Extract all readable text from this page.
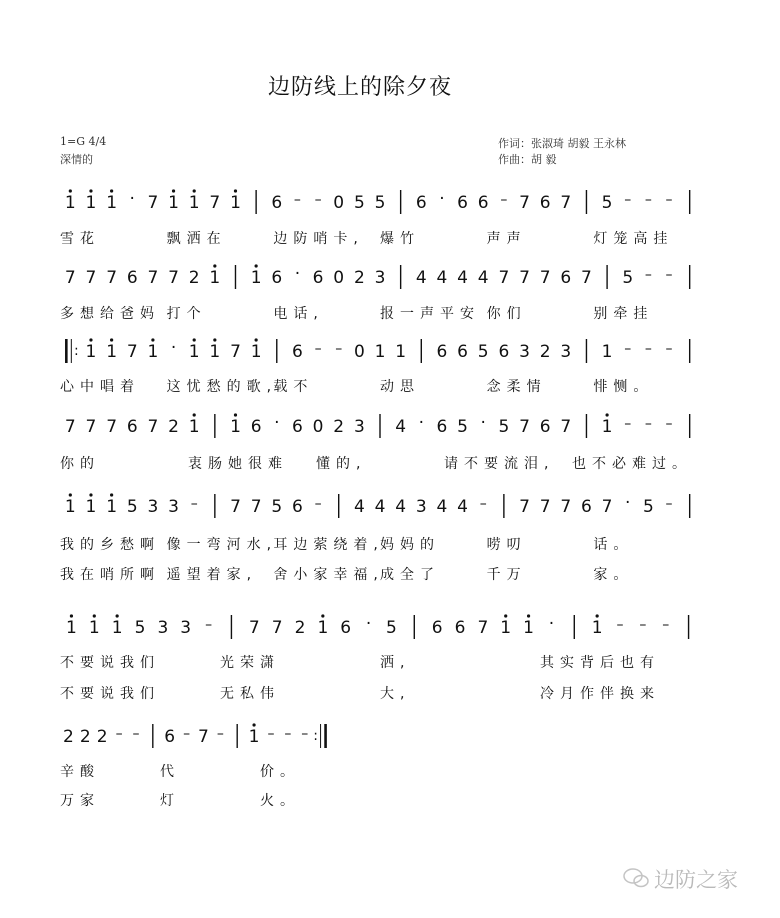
边防线上的除夕夜
1=G 4/4
深情的
作词：张淑琦 胡毅 王永林
作曲：胡 毅
1 1 1 · 7 1 1 7 1 6 – – 0 5 5 6 · 6 6 – 7 6 7 5 – – –
雪花	飘洒在	边防哨卡, 爆竹	声声	灯笼高挂
7 7 7 6 7 7 2 1 1 6 · 6 0 2 3 4 4 4 4 7 7 7 6 7 5 – –
多想给爸妈 打个	电话,	报一声平安 你们	别牵挂
: 1 1 7 1 · 1 1 7 1 6 – – 0 1 1 6 6 5 6 3 2 3 1 – – –
心中唱着 这忧愁的歌,
载不	动思	念柔情	悱恻。
7 7 7 6 7 2 1 1 6 · 6 0 2 3 4 · 6 5 · 5 7 6 7 1 – – –
你的	衷肠她很难 懂的,	请不要流泪, 也不必难过。
1 1 1 5 3 3 – 7 7 5 6 – 4 4 4 3 4 4 – 7 7 7 6 7 · 5 –
我的乡愁啊 像一弯河水,
耳边萦绕着,
妈妈的	唠叨	话。
我在哨所啊 遥望着家, 舍小家幸福,
成全了	千万	家。
1 1 1 5 3 3 – 7 7 2 1 6 · 5 6 6 7 1 1 · 1 – – –
不要说我们	光荣潇	洒,	其实背后也有
不要说我们	无私伟	大,	冷月作伴换来
2 2 2 – – 6 – 7 – 1 – – – :
辛酸	代	价。
万家	灯	火。
边防之家
